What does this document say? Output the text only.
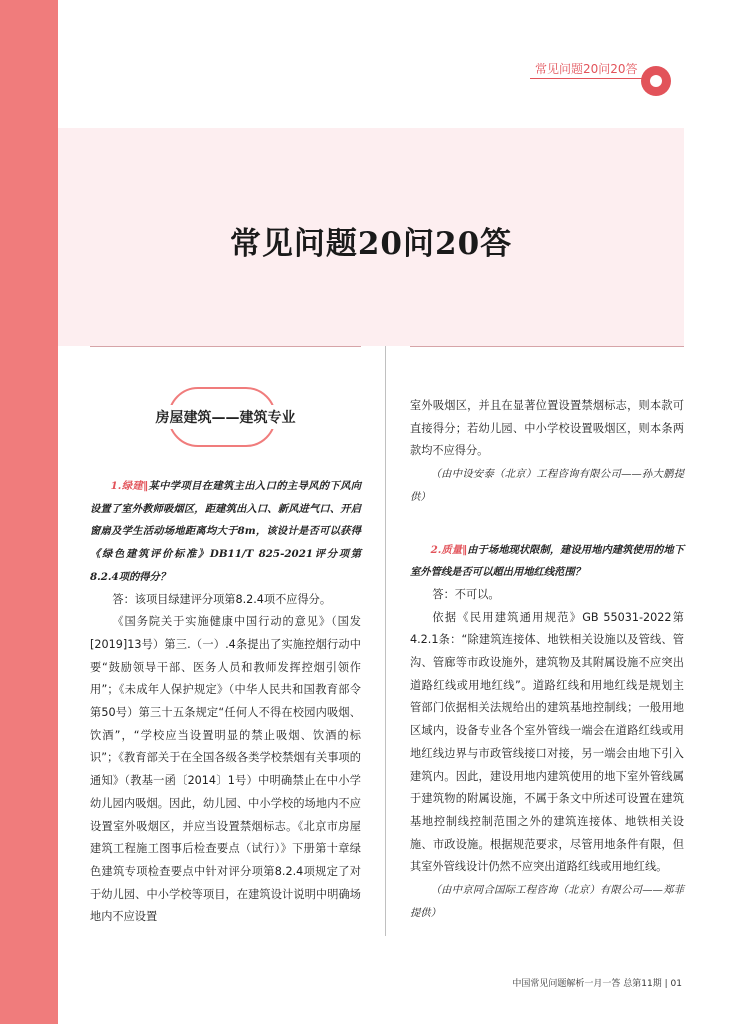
常见问题20问20答
常见问题20问20答
房屋建筑——建筑专业

1.绿建‖某中学项目在建筑主出入口的主导风的下风向设置了室外教师吸烟区，距建筑出入口、新风进气口、开启窗扇及学生活动场地距离均大于8m，该设计是否可以获得《绿色建筑评价标准》DB11/T 825-2021评分项第8.2.4项的得分？

答：该项目绿建评分项第8.2.4项不应得分。

《国务院关于实施健康中国行动的意见》（国发[2019]13号）第三.（一）.4条提出了实施控烟行动中要“鼓励领导干部、医务人员和教师发挥控烟引领作用”；《未成年人保护规定》（中华人民共和国教育部令第50号）第三十五条规定“任何人不得在校园内吸烟、饮酒”，“学校应当设置明显的禁止吸烟、饮酒的标识”；《教育部关于在全国各级各类学校禁烟有关事项的通知》（教基一函〔2014〕1号）中明确禁止在中小学幼儿园内吸烟。因此，幼儿园、中小学校的场地内不应设置室外吸烟区，并应当设置禁烟标志。《北京市房屋建筑工程施工图事后检查要点（试行）》下册第十章绿色建筑专项检查要点中针对评分项第8.2.4项规定了对于幼儿园、中小学校等项目，在建筑设计说明中明确场地内不应设置

室外吸烟区，并且在显著位置设置禁烟标志，则本款可直接得分；若幼儿园、中小学校设置吸烟区，则本条两款均不应得分。

（由中设安泰（北京）工程咨询有限公司——孙大鹏提供）

2.质量‖由于场地现状限制，建设用地内建筑使用的地下室外管线是否可以超出用地红线范围？

答：不可以。

依据《民用建筑通用规范》GB 55031-2022第4.2.1条：“除建筑连接体、地铁相关设施以及管线、管沟、管廊等市政设施外，建筑物及其附属设施不应突出道路红线或用地红线”。道路红线和用地红线是规划主管部门依据相关法规给出的建筑基地控制线；一般用地区域内，设备专业各个室外管线一端会在道路红线或用地红线边界与市政管线接口对接，另一端会由地下引入建筑内。因此，建设用地内建筑使用的地下室外管线属于建筑物的附属设施，不属于条文中所述可设置在建筑基地控制线控制范围之外的建筑连接体、地铁相关设施、市政设施。根据规范要求，尽管用地条件有限，但其室外管线设计仍然不应突出道路红线或用地红线。

（由中京同合国际工程咨询（北京）有限公司——郑菲提供）

中国常见问题解析一月一答 总第11期 | 01
